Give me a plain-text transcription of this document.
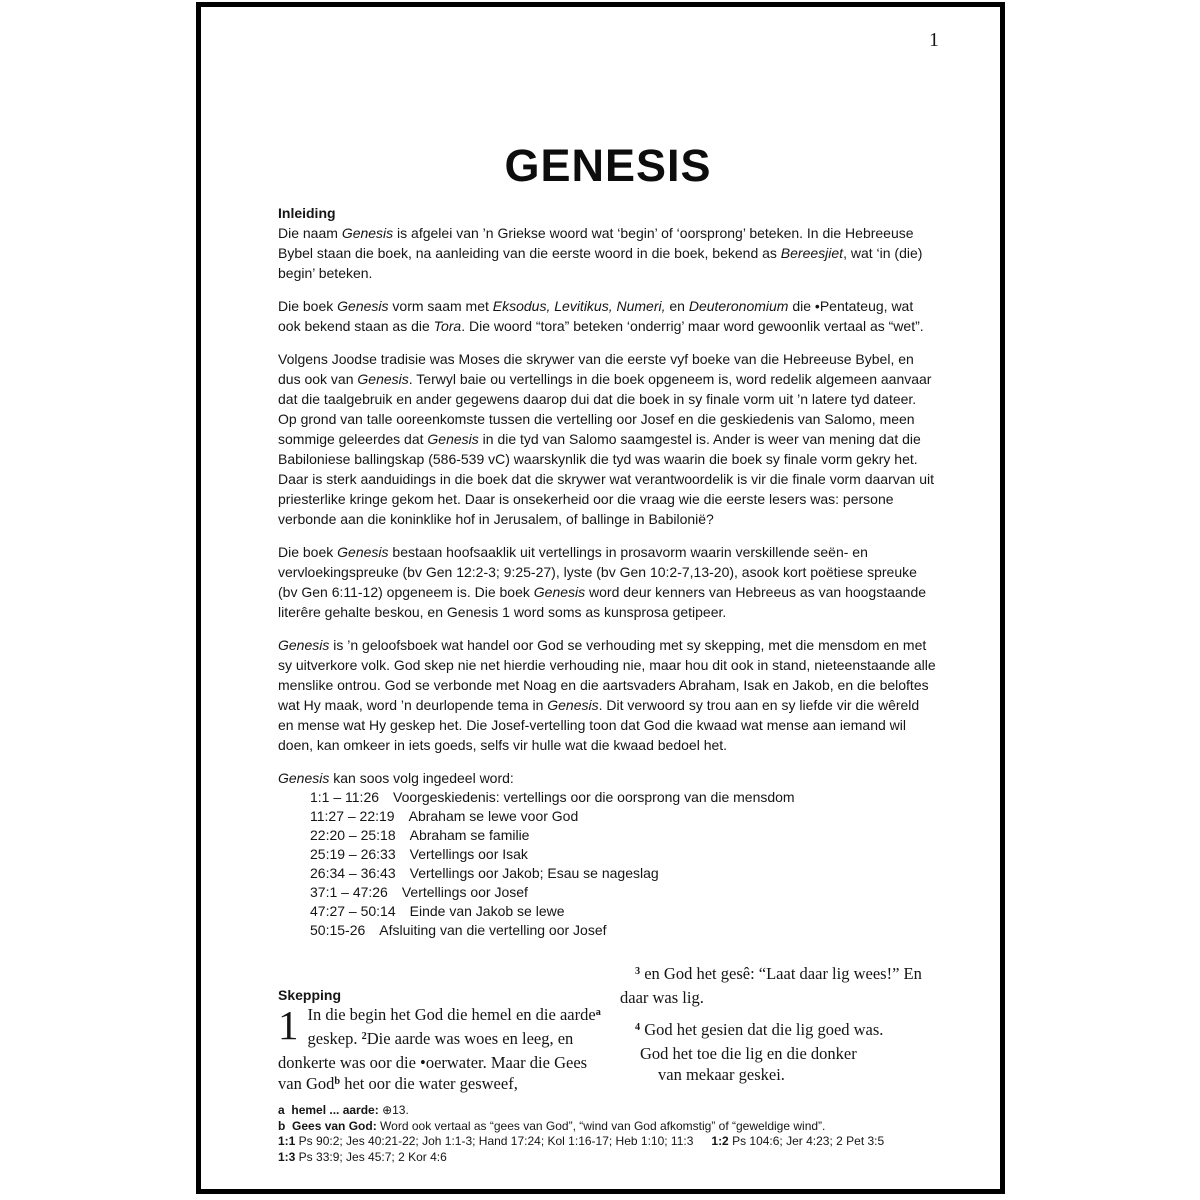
1
GENESIS
Inleiding

Die naam Genesis is afgelei van ’n Griekse woord wat ‘begin’ of ‘oorsprong’ beteken. In die Hebreeuse Bybel staan die boek, na aanleiding van die eerste woord in die boek, bekend as Bereesjiet, wat ‘in (die) begin’ beteken.

Die boek Genesis vorm saam met Eksodus, Levitikus, Numeri, en Deuteronomium die •Pentateug, wat ook bekend staan as die Tora. Die woord “tora” beteken ‘onderrig’ maar word gewoonlik vertaal as “wet”.

Volgens Joodse tradisie was Moses die skrywer van die eerste vyf boeke van die Hebreeuse Bybel, en dus ook van Genesis. Terwyl baie ou vertellings in die boek opgeneem is, word redelik algemeen aanvaar dat die taalgebruik en ander gegewens daarop dui dat die boek in sy finale vorm uit ’n latere tyd dateer. Op grond van talle ooreenkomste tussen die vertelling oor Josef en die geskiedenis van Salomo, meen sommige geleerdes dat Genesis in die tyd van Salomo saamgestel is. Ander is weer van mening dat die Babiloniese ballingskap (586-539 vC) waarskynlik die tyd was waarin die boek sy finale vorm gekry het. Daar is sterk aanduidings in die boek dat die skrywer wat verantwoordelik is vir die finale vorm daarvan uit priesterlike kringe gekom het. Daar is onsekerheid oor die vraag wie die eerste lesers was: persone verbonde aan die koninklike hof in Jerusalem, of ballinge in Babilonië?

Die boek Genesis bestaan hoofsaaklik uit vertellings in prosavorm waarin verskillende seën- en vervloekingspreuke (bv Gen 12:2-3; 9:25-27), lyste (bv Gen 10:2-7,13-20), asook kort poëtiese spreuke (bv Gen 6:11-12) opgeneem is. Die boek Genesis word deur kenners van Hebreeus as van hoogstaande literêre gehalte beskou, en Genesis 1 word soms as kunsprosa getipeer.

Genesis is ’n geloofsboek wat handel oor God se verhouding met sy skepping, met die mensdom en met sy uitverkore volk. God skep nie net hierdie verhouding nie, maar hou dit ook in stand, nieteenstaande alle menslike ontrou. God se verbonde met Noag en die aartsvaders Abraham, Isak en Jakob, en die beloftes wat Hy maak, word ’n deurlopende tema in Genesis. Dit verwoord sy trou aan en sy liefde vir die wêreld en mense wat Hy geskep het. Die Josef-vertelling toon dat God die kwaad wat mense aan iemand wil doen, kan omkeer in iets goeds, selfs vir hulle wat die kwaad bedoel het.

Genesis kan soos volg ingedeel word:

1:1 – 11:26 Voorgeskiedenis: vertellings oor die oorsprong van die mensdom
11:27 – 22:19 Abraham se lewe voor God
22:20 – 25:18 Abraham se familie
25:19 – 26:33 Vertellings oor Isak
26:34 – 36:43 Vertellings oor Jakob; Esau se nageslag
37:1 – 47:26 Vertellings oor Josef
47:27 – 50:14 Einde van Jakob se lewe
50:15-26 Afsluiting van die vertelling oor Josef
Skepping
1 In die begin het God die hemel en die aarde$^a$ geskep. $^2$Die aarde was woes en leeg, en donkerte was oor die •oerwater. Maar die Gees van God$^b$ het oor die water gesweef,

$^3$ en God het gesê: “Laat daar lig wees!” En daar was lig.

$^4$ God het gesien dat die lig goed was.

God het toe die lig en die donker

van mekaar geskei.

a hemel ... aarde: ⊕13.

b Gees van God: Word ook vertaal as “gees van God”, “wind van God afkomstig” of “geweldige wind”.

1:1 Ps 90:2; Jes 40:21-22; Joh 1:1-3; Hand 17:24; Kol 1:16-17; Heb 1:10; 11:3   1:2 Ps 104:6; Jer 4:23; 2 Pet 3:5

1:3 Ps 33:9; Jes 45:7; 2 Kor 4:6
